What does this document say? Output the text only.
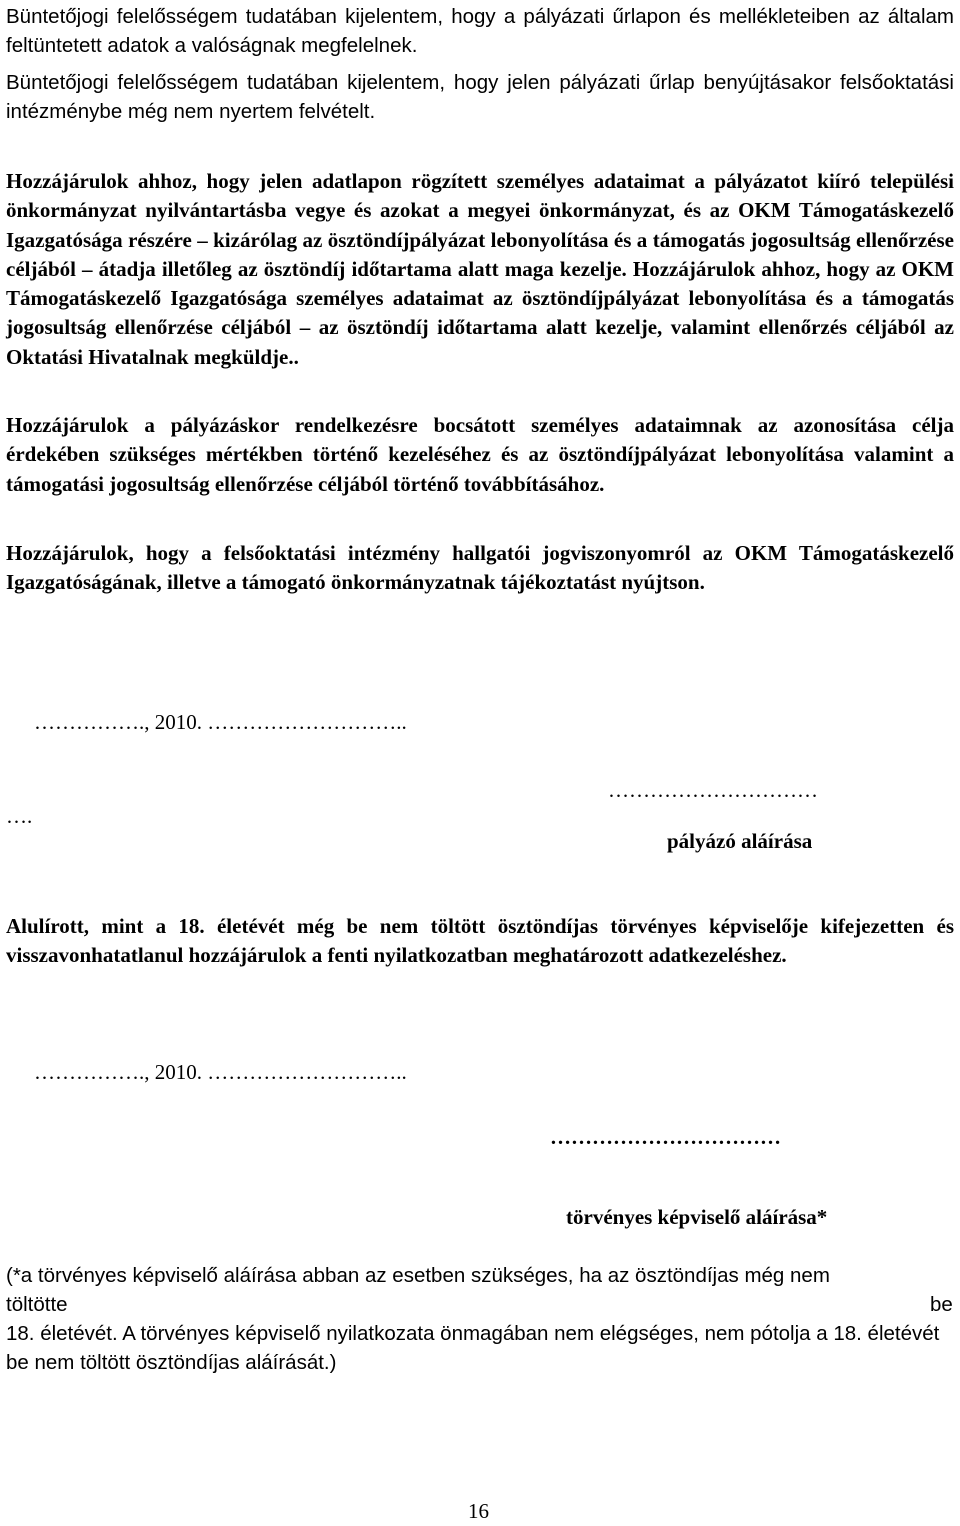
Büntetőjogi felelősségem tudatában kijelentem, hogy a pályázati űrlapon és mellékleteiben az általam feltüntetett adatok a valóságnak megfelelnek.

Büntetőjogi felelősségem tudatában kijelentem, hogy jelen pályázati űrlap benyújtásakor felsőoktatási intézménybe még nem nyertem felvételt.

Hozzájárulok ahhoz, hogy jelen adatlapon rögzített személyes adataimat a pályázatot kiíró települési önkormányzat nyilvántartásba vegye és azokat a megyei önkormányzat, és az OKM Támogatáskezelő Igazgatósága részére – kizárólag az ösztöndíjpályázat lebonyolítása és a támogatás jogosultság ellenőrzése céljából – átadja illetőleg az ösztöndíj időtartama alatt maga kezelje. Hozzájárulok ahhoz, hogy az OKM Támogatáskezelő Igazgatósága személyes adataimat az ösztöndíjpályázat lebonyolítása és a támogatás jogosultság ellenőrzése céljából – az ösztöndíj időtartama alatt kezelje, valamint ellenőrzés céljából az Oktatási Hivatalnak megküldje..

Hozzájárulok a pályázáskor rendelkezésre bocsátott személyes adataimnak az azonosítása célja érdekében szükséges mértékben történő kezeléséhez és az ösztöndíjpályázat lebonyolítása valamint a támogatási jogosultság ellenőrzése céljából történő továbbításához.

Hozzájárulok, hogy a felsőoktatási intézmény hallgatói jogviszonyomról az OKM Támogatáskezelő Igazgatóságának, illetve a támogató önkormányzatnak tájékoztatást nyújtson.

……………., 2010. ………………………..

…………………………

….

pályázó aláírása

Alulírott, mint a 18. életévét még be nem töltött ösztöndíjas törvényes képviselője kifejezetten és visszavonhatatlanul hozzájárulok a fenti nyilatkozatban meghatározott adatkezeléshez.

……………., 2010. ………………………..

……………………………

törvényes képviselő aláírása*

(*a törvényes képviselő aláírása abban az esetben szükséges, ha az ösztöndíjas még nem

töltötte	be

18. életévét. A törvényes képviselő nyilatkozata önmagában nem elégséges, nem pótolja a 18. életévét be nem töltött ösztöndíjas aláírását.)

16
